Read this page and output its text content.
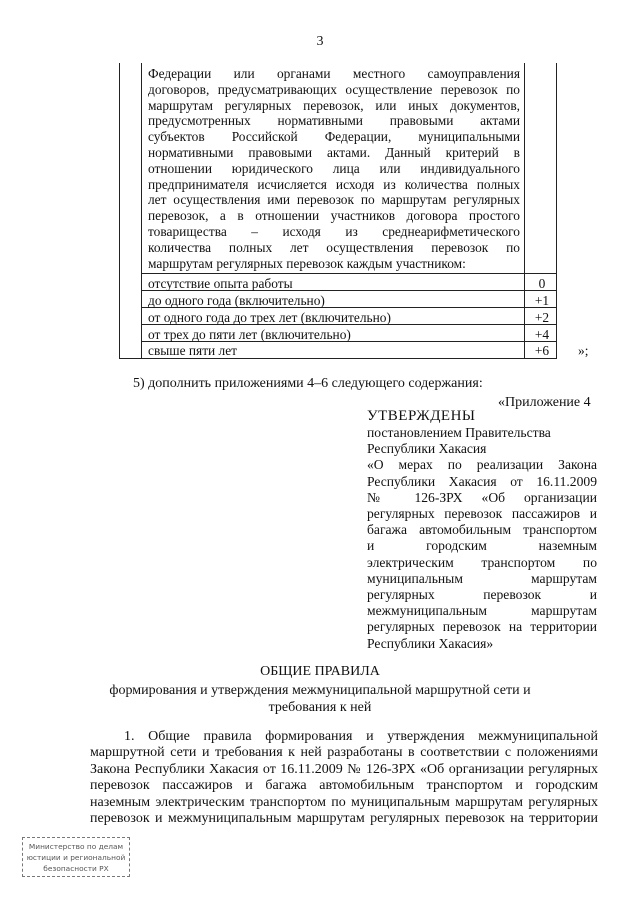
3
Федерации или органами местного самоуправления
договоров, предусматривающих осуществление перевозок по
маршрутам регулярных перевозок, или иных документов,
предусмотренных нормативными правовыми актами
субъектов Российской Федерации, муниципальными
нормативными правовыми актами. Данный критерий в
отношении юридического лица или индивидуального
предпринимателя исчисляется исходя из количества полных
лет осуществления ими перевозок по маршрутам регулярных
перевозок, а в отношении участников договора простого
товарищества – исходя из среднеарифметического
количества полных лет осуществления перевозок по
маршрутам регулярных перевозок каждым участником:
отсутствие опыта работы	0
до одного года (включительно)	+1
от одного года до трех лет (включительно)	+2
от трех до пяти лет (включительно)	+4
свыше пяти лет	+6	»;
5) дополнить приложениями 4–6 следующего содержания:
«Приложение 4
УТВЕРЖДЕНЫ
постановлением Правительства
Республики Хакасия
«О мерах по реализации Закона
Республики Хакасия от 16.11.2009
№ 126-ЗРХ «Об организации
регулярных перевозок пассажиров и
багажа автомобильным транспортом
и городским наземным
электрическим транспортом по
муниципальным маршрутам
регулярных перевозок и
межмуниципальным маршрутам
регулярных перевозок на территории
Республики Хакасия»
ОБЩИЕ ПРАВИЛА
формирования и утверждения межмуниципальной маршрутной сети и
требования к ней
1. Общие правила формирования и утверждения межмуниципальной
маршрутной сети и требования к ней разработаны в соответствии с положениями
Закона Республики Хакасия от 16.11.2009 № 126-ЗРХ «Об организации регулярных
перевозок пассажиров и багажа автомобильным транспортом и городским
наземным электрическим транспортом по муниципальным маршрутам регулярных
перевозок и межмуниципальным маршрутам регулярных перевозок на территории
Министерство по делам
юстиции и региональной
безопасности РХ
